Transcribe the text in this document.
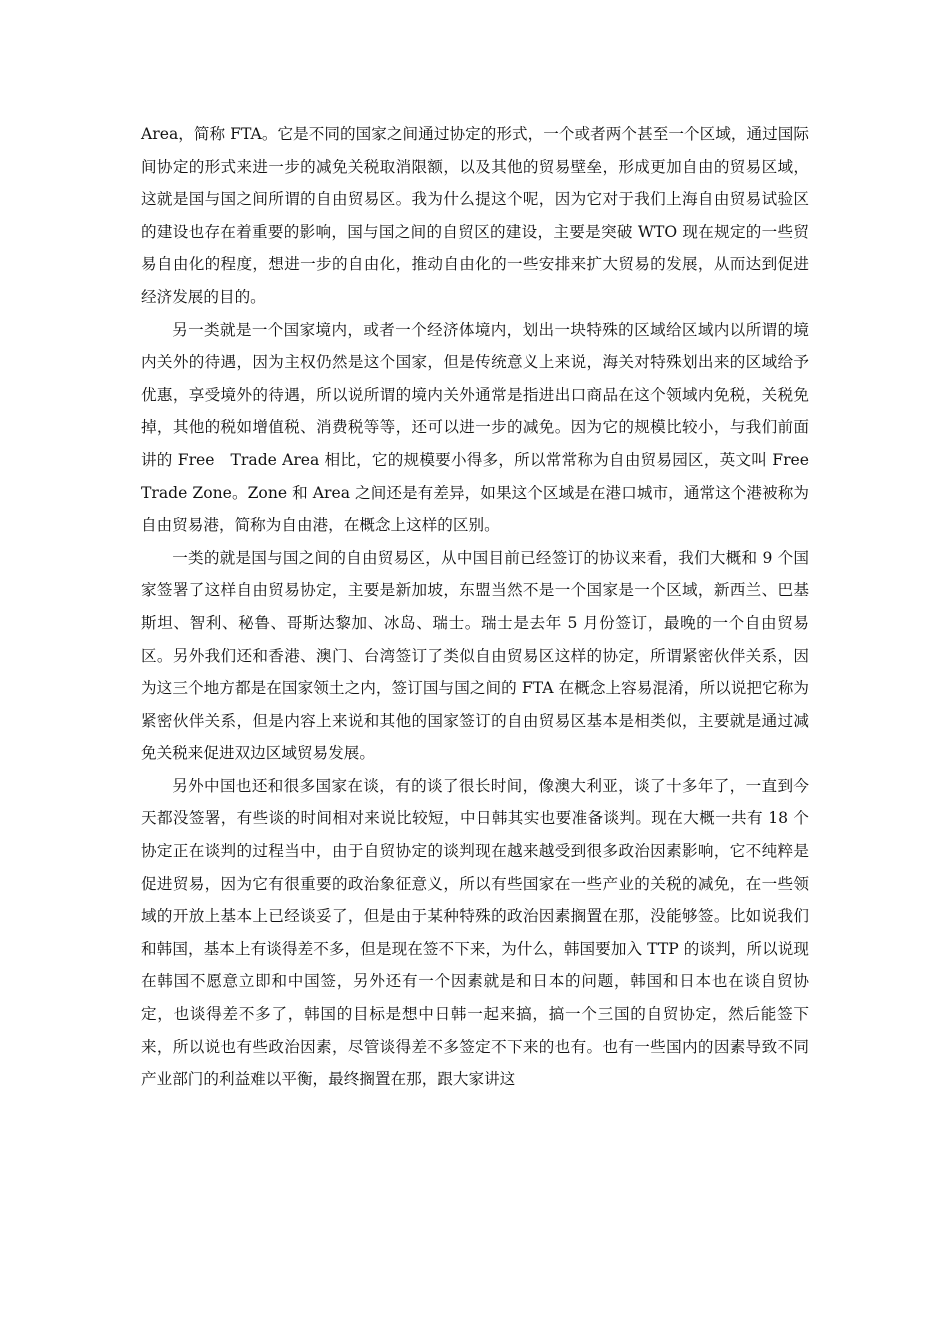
Area，简称 FTA。它是不同的国家之间通过协定的形式，一个或者两个甚至一个区域，通过国际间协定的形式来进一步的减免关税取消限额，以及其他的贸易壁垒，形成更加自由的贸易区域，这就是国与国之间所谓的自由贸易区。我为什么提这个呢，因为它对于我们上海自由贸易试验区的建设也存在着重要的影响，国与国之间的自贸区的建设，主要是突破 WTO 现在规定的一些贸易自由化的程度，想进一步的自由化，推动自由化的一些安排来扩大贸易的发展，从而达到促进经济发展的目的。

另一类就是一个国家境内，或者一个经济体境内，划出一块特殊的区域给区域内以所谓的境内关外的待遇，因为主权仍然是这个国家，但是传统意义上来说，海关对特殊划出来的区域给予优惠，享受境外的待遇，所以说所谓的境内关外通常是指进出口商品在这个领域内免税，关税免掉，其他的税如增值税、消费税等等，还可以进一步的减免。因为它的规模比较小，与我们前面讲的 Free　Trade Area 相比，它的规模要小得多，所以常常称为自由贸易园区，英文叫 Free Trade Zone。Zone 和 Area 之间还是有差异，如果这个区域是在港口城市，通常这个港被称为自由贸易港，简称为自由港，在概念上这样的区别。

一类的就是国与国之间的自由贸易区，从中国目前已经签订的协议来看，我们大概和 9 个国家签署了这样自由贸易协定，主要是新加坡，东盟当然不是一个国家是一个区域，新西兰、巴基斯坦、智利、秘鲁、哥斯达黎加、冰岛、瑞士。瑞士是去年 5 月份签订，最晚的一个自由贸易区。另外我们还和香港、澳门、台湾签订了类似自由贸易区这样的协定，所谓紧密伙伴关系，因为这三个地方都是在国家领土之内，签订国与国之间的 FTA 在概念上容易混淆，所以说把它称为紧密伙伴关系，但是内容上来说和其他的国家签订的自由贸易区基本是相类似，主要就是通过减免关税来促进双边区域贸易发展。

另外中国也还和很多国家在谈，有的谈了很长时间，像澳大利亚，谈了十多年了，一直到今天都没签署，有些谈的时间相对来说比较短，中日韩其实也要准备谈判。现在大概一共有 18 个协定正在谈判的过程当中，由于自贸协定的谈判现在越来越受到很多政治因素影响，它不纯粹是促进贸易，因为它有很重要的政治象征意义，所以有些国家在一些产业的关税的减免，在一些领域的开放上基本上已经谈妥了，但是由于某种特殊的政治因素搁置在那，没能够签。比如说我们和韩国，基本上有谈得差不多，但是现在签不下来，为什么，韩国要加入 TTP 的谈判，所以说现在韩国不愿意立即和中国签，另外还有一个因素就是和日本的问题，韩国和日本也在谈自贸协定，也谈得差不多了，韩国的目标是想中日韩一起来搞，搞一个三国的自贸协定，然后能签下来，所以说也有些政治因素，尽管谈得差不多签定不下来的也有。也有一些国内的因素导致不同产业部门的利益难以平衡，最终搁置在那，跟大家讲这
